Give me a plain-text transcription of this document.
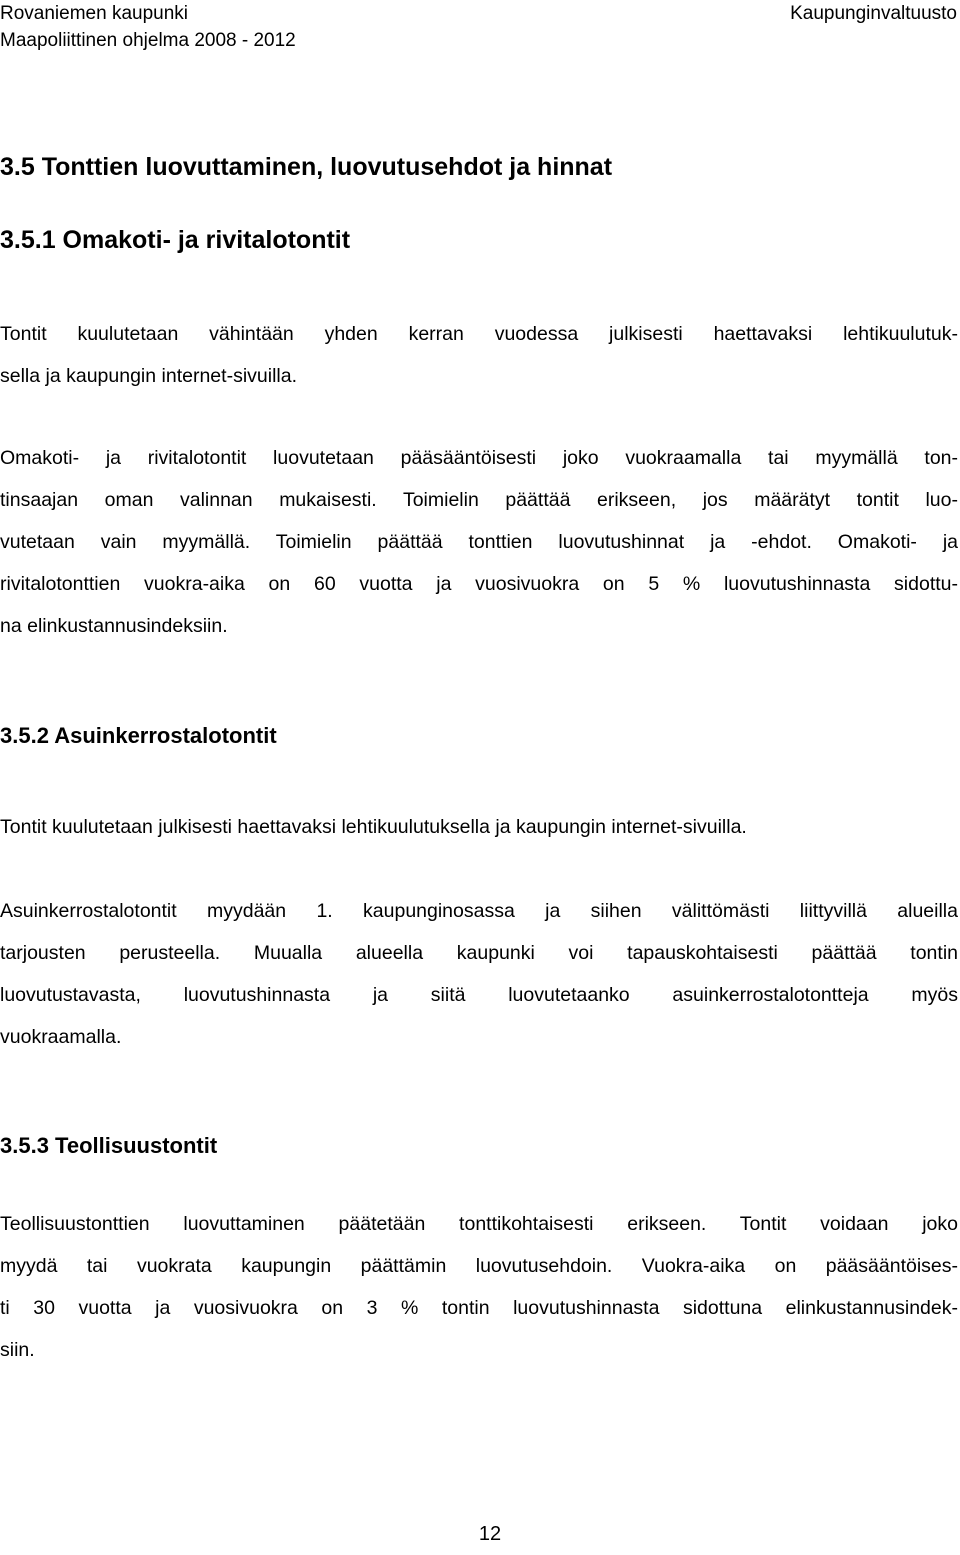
Rovaniemen kaupunki
Maapoliittinen ohjelma 2008 - 2012
Kaupunginvaltuusto
3.5 Tonttien luovuttaminen, luovutusehdot ja hinnat
3.5.1 Omakoti- ja rivitalotontit

Tontit kuulutetaan vähintään yhden kerran vuodessa julkisesti haettavaksi lehtikuulutuk-
sella ja kaupungin internet-sivuilla.

Omakoti- ja rivitalotontit luovutetaan pääsääntöisesti joko vuokraamalla tai myymällä ton-
tinsaajan oman valinnan mukaisesti. Toimielin päättää erikseen, jos määrätyt tontit luo-
vutetaan vain myymällä. Toimielin päättää tonttien luovutushinnat ja -ehdot. Omakoti- ja
rivitalotonttien vuokra-aika on 60 vuotta ja vuosivuokra on 5 % luovutushinnasta sidottu-
na elinkustannusindeksiin.

3.5.2 Asuinkerrostalotontit

Tontit kuulutetaan julkisesti haettavaksi lehtikuulutuksella ja kaupungin internet-sivuilla.

Asuinkerrostalotontit myydään 1. kaupunginosassa ja siihen välittömästi liittyvillä alueilla
tarjousten perusteella. Muualla alueella kaupunki voi tapauskohtaisesti päättää tontin
luovutustavasta, luovutushinnasta ja siitä luovutetaanko asuinkerrostalotontteja myös
vuokraamalla.

3.5.3 Teollisuustontit

Teollisuustonttien luovuttaminen päätetään tonttikohtaisesti erikseen. Tontit voidaan joko
myydä tai vuokrata kaupungin päättämin luovutusehdoin. Vuokra-aika on pääsääntöises-
ti 30 vuotta ja vuosivuokra on 3 % tontin luovutushinnasta sidottuna elinkustannusindek-
siin.

12
